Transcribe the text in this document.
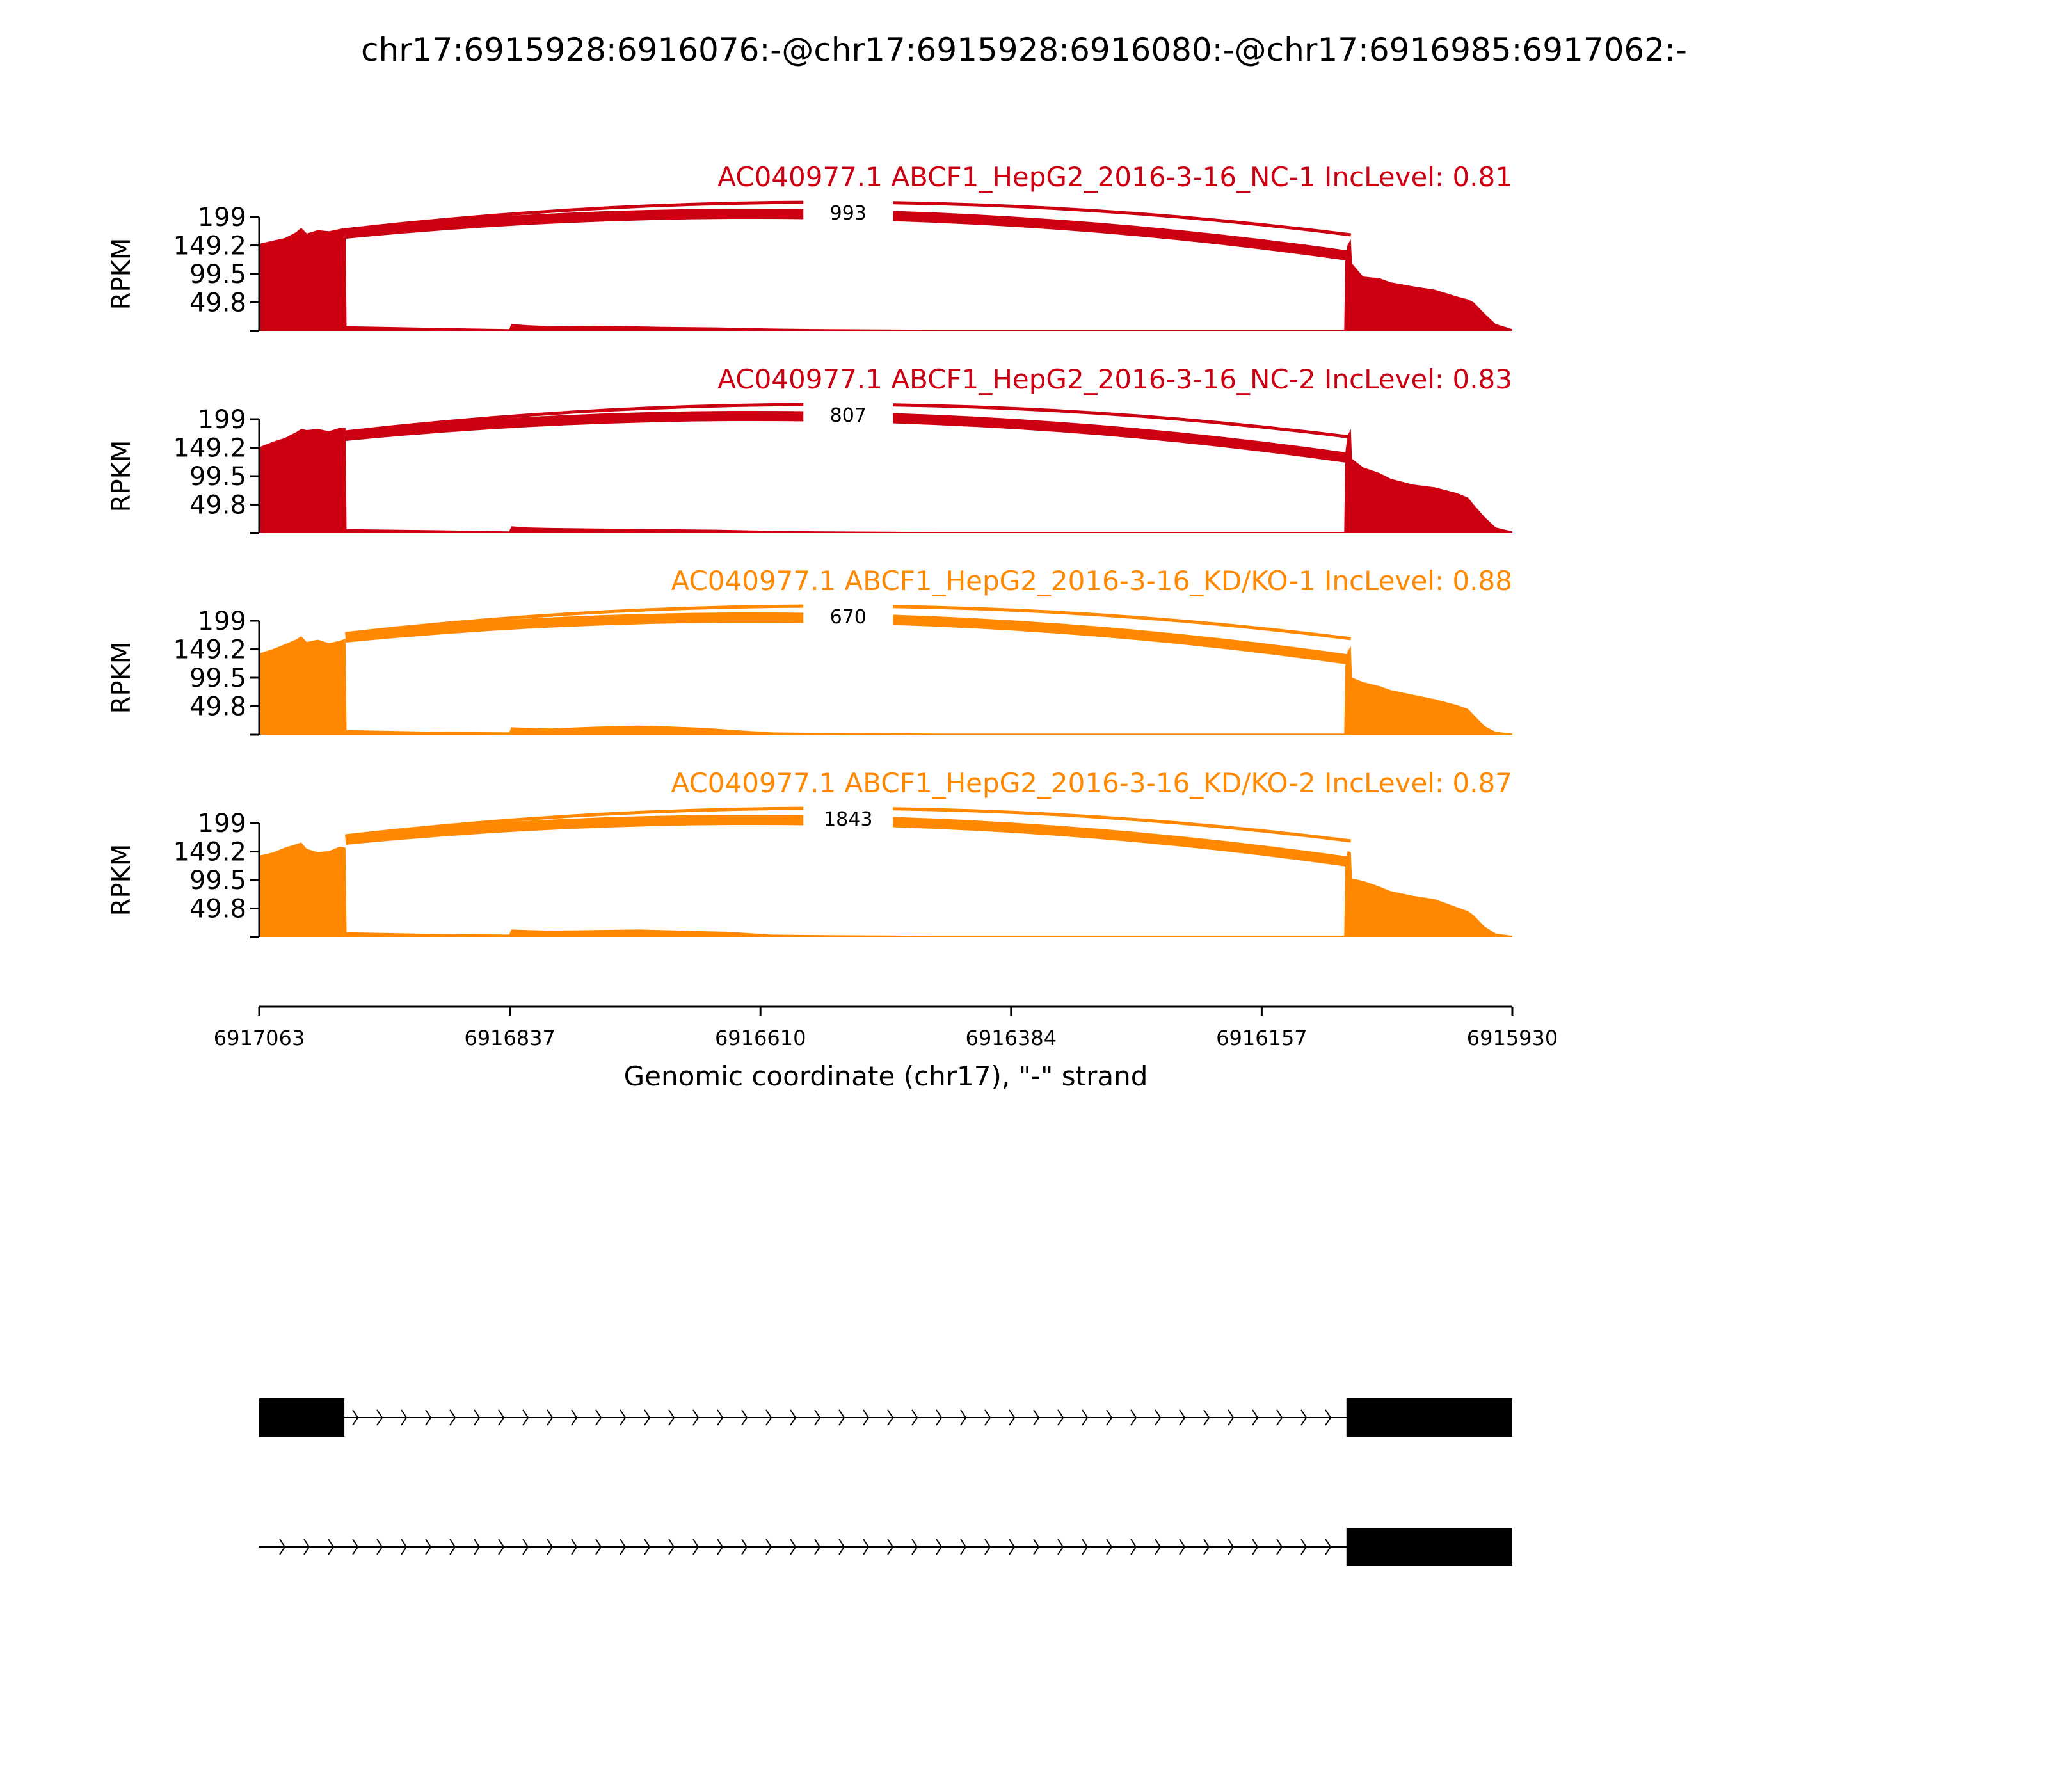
chr17:6915928:6916076:-@chr17:6915928:6916080:-@chr17:6916985:6917062:-
993
AC040977.1 ABCF1_HepG2_2016-3-16_NC-1 IncLevel: 0.81
199
149.2
99.5
49.8
RPKM
807
AC040977.1 ABCF1_HepG2_2016-3-16_NC-2 IncLevel: 0.83
199
149.2
99.5
49.8
RPKM
670
AC040977.1 ABCF1_HepG2_2016-3-16_KD/KO-1 IncLevel: 0.88
199
149.2
99.5
49.8
RPKM
1843
AC040977.1 ABCF1_HepG2_2016-3-16_KD/KO-2 IncLevel: 0.87
199
149.2
99.5
49.8
RPKM
6917063	6916837	6916610	6916384	6916157	6915930
Genomic coordinate (chr17), "-" strand
